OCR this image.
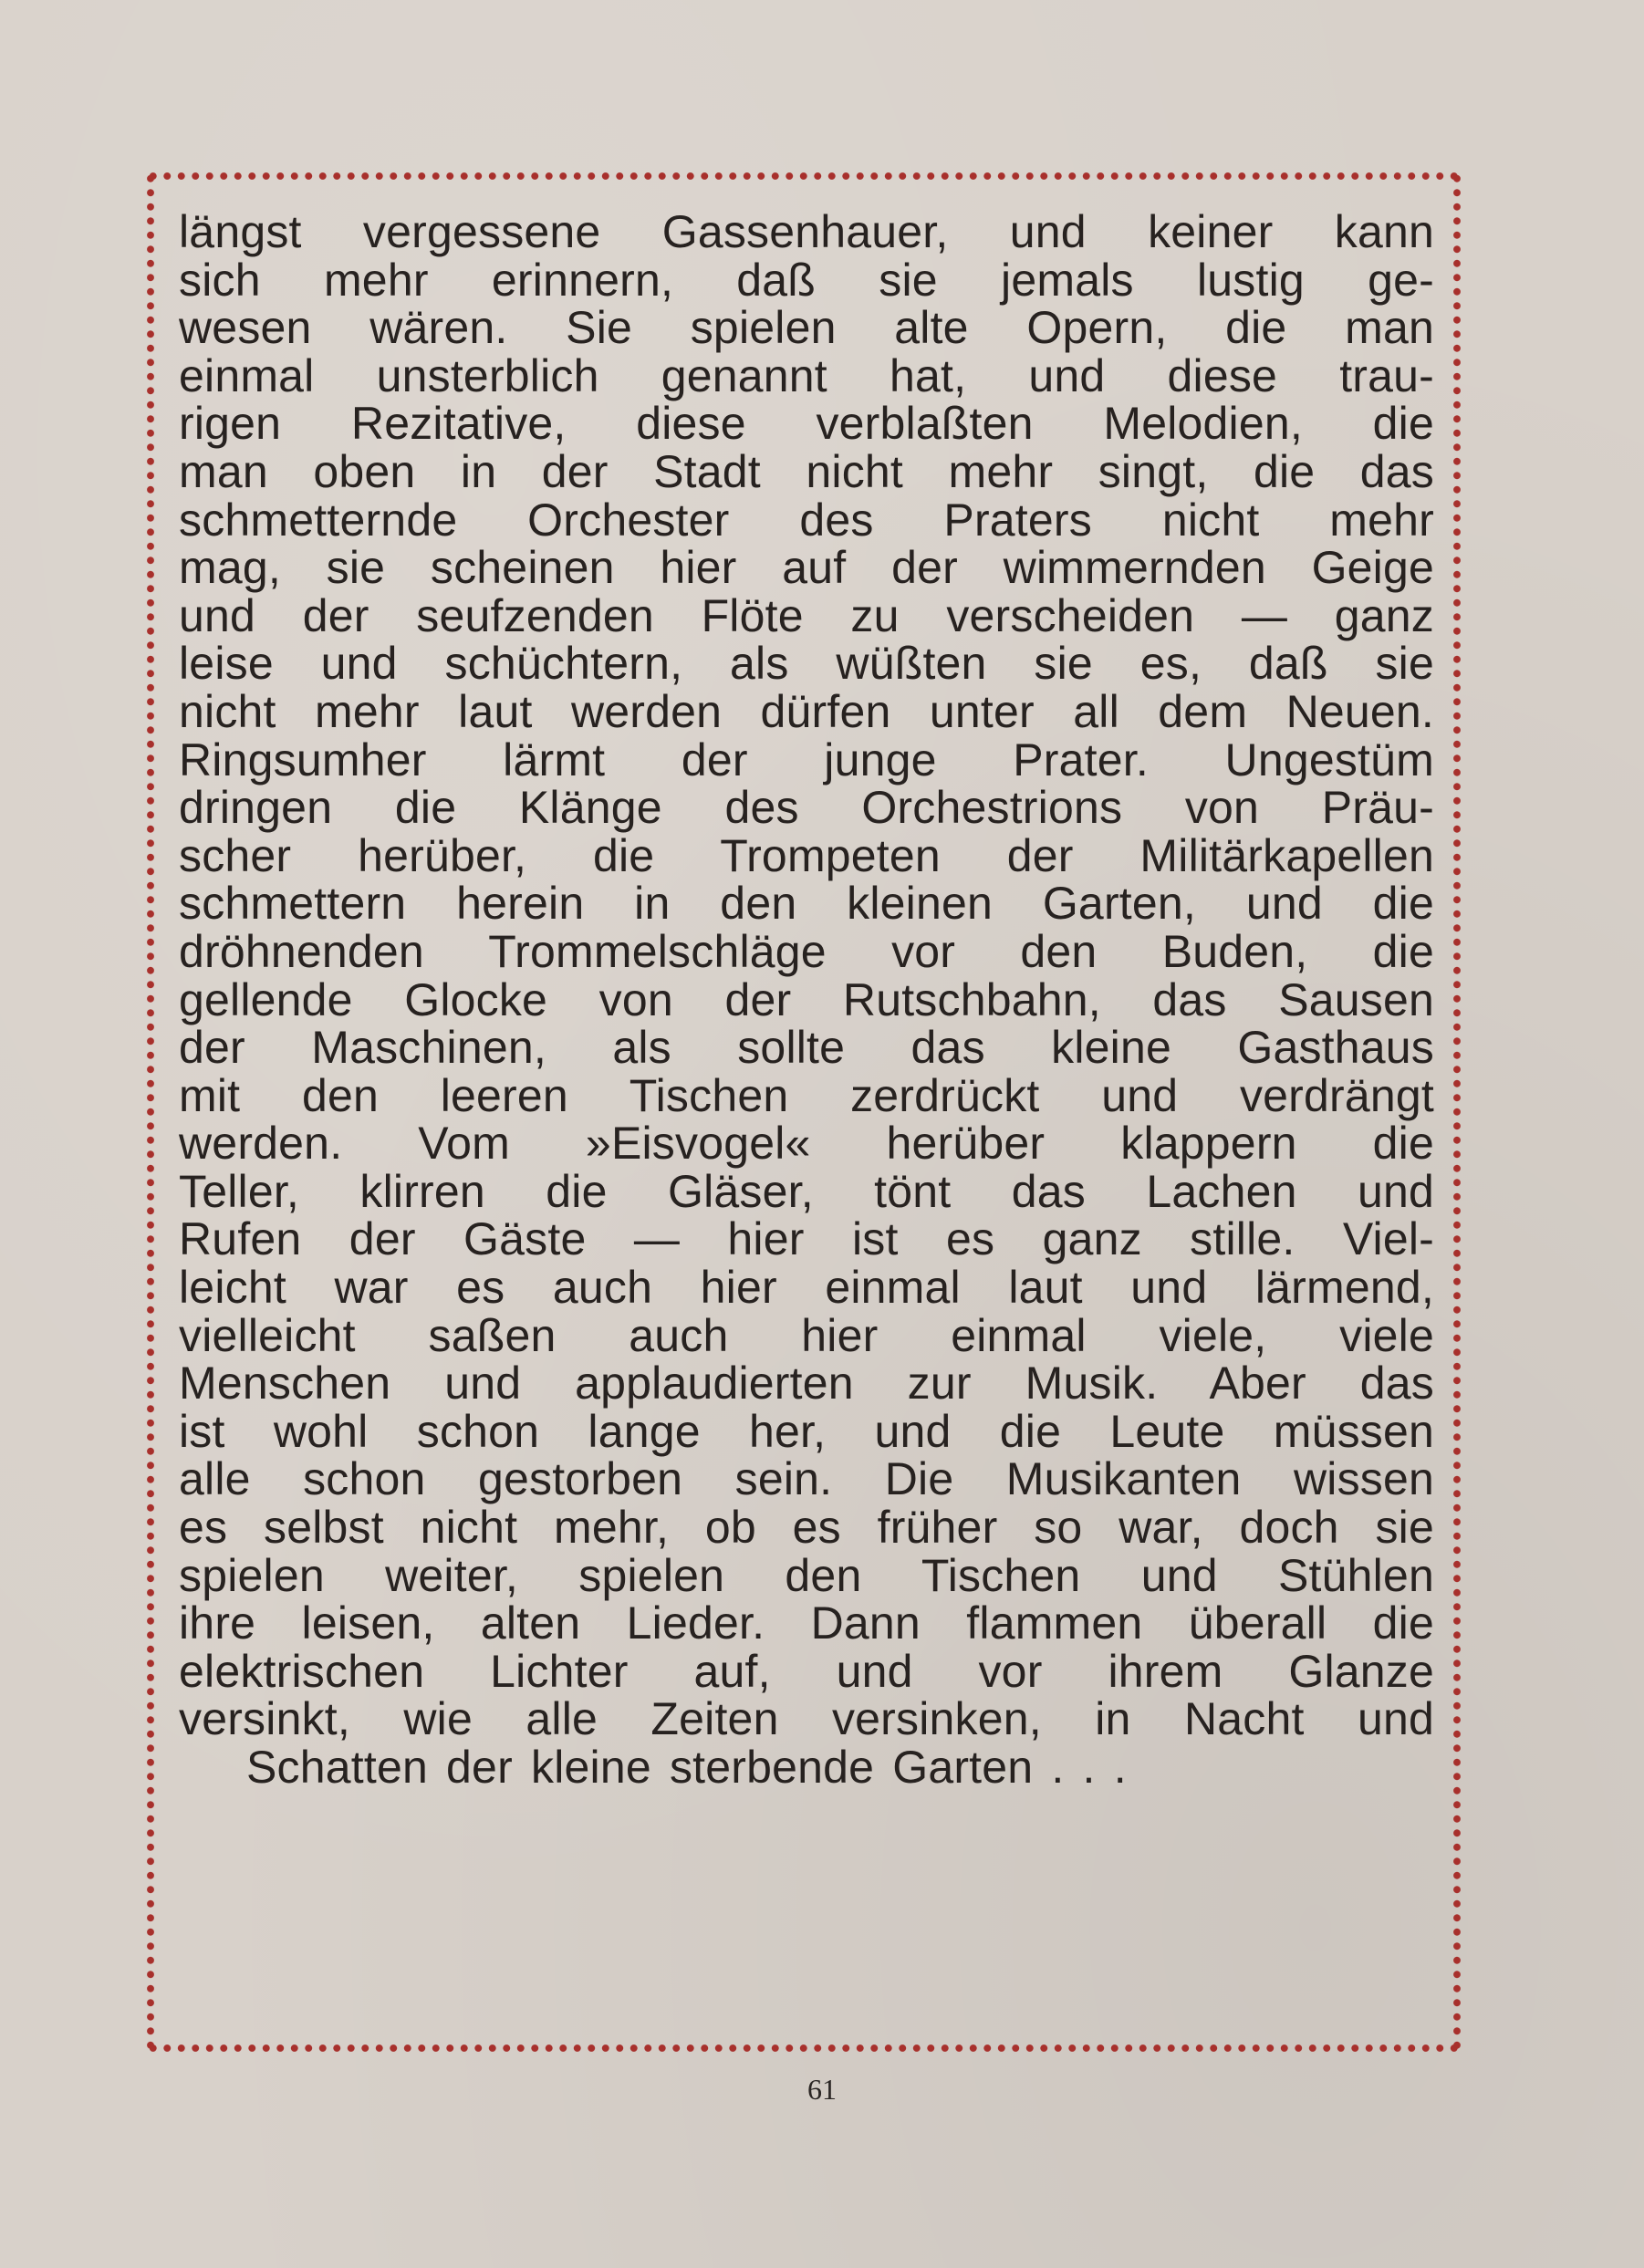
längst vergessene Gassenhauer, und keiner kann
sich mehr erinnern, daß sie jemals lustig ge-
wesen wären. Sie spielen alte Opern, die man
einmal unsterblich genannt hat, und diese trau-
rigen Rezitative, diese verblaßten Melodien, die
man oben in der Stadt nicht mehr singt, die das
schmetternde Orchester des Praters nicht mehr
mag, sie scheinen hier auf der wimmernden Geige
und der seufzenden Flöte zu verscheiden — ganz
leise und schüchtern, als wüßten sie es, daß sie
nicht mehr laut werden dürfen unter all dem Neuen.
Ringsumher lärmt der junge Prater. Ungestüm
dringen die Klänge des Orchestrions von Präu-
scher herüber, die Trompeten der Militärkapellen
schmettern herein in den kleinen Garten, und die
dröhnenden Trommelschläge vor den Buden, die
gellende Glocke von der Rutschbahn, das Sausen
der Maschinen, als sollte das kleine Gasthaus
mit den leeren Tischen zerdrückt und verdrängt
werden. Vom »Eisvogel« herüber klappern die
Teller, klirren die Gläser, tönt das Lachen und
Rufen der Gäste — hier ist es ganz stille. Viel-
leicht war es auch hier einmal laut und lärmend,
vielleicht saßen auch hier einmal viele, viele
Menschen und applaudierten zur Musik. Aber das
ist wohl schon lange her, und die Leute müssen
alle schon gestorben sein. Die Musikanten wissen
es selbst nicht mehr, ob es früher so war, doch sie
spielen weiter, spielen den Tischen und Stühlen
ihre leisen, alten Lieder. Dann flammen überall die
elektrischen Lichter auf, und vor ihrem Glanze
versinkt, wie alle Zeiten versinken, in Nacht und
Schatten der kleine sterbende Garten . . .
61
